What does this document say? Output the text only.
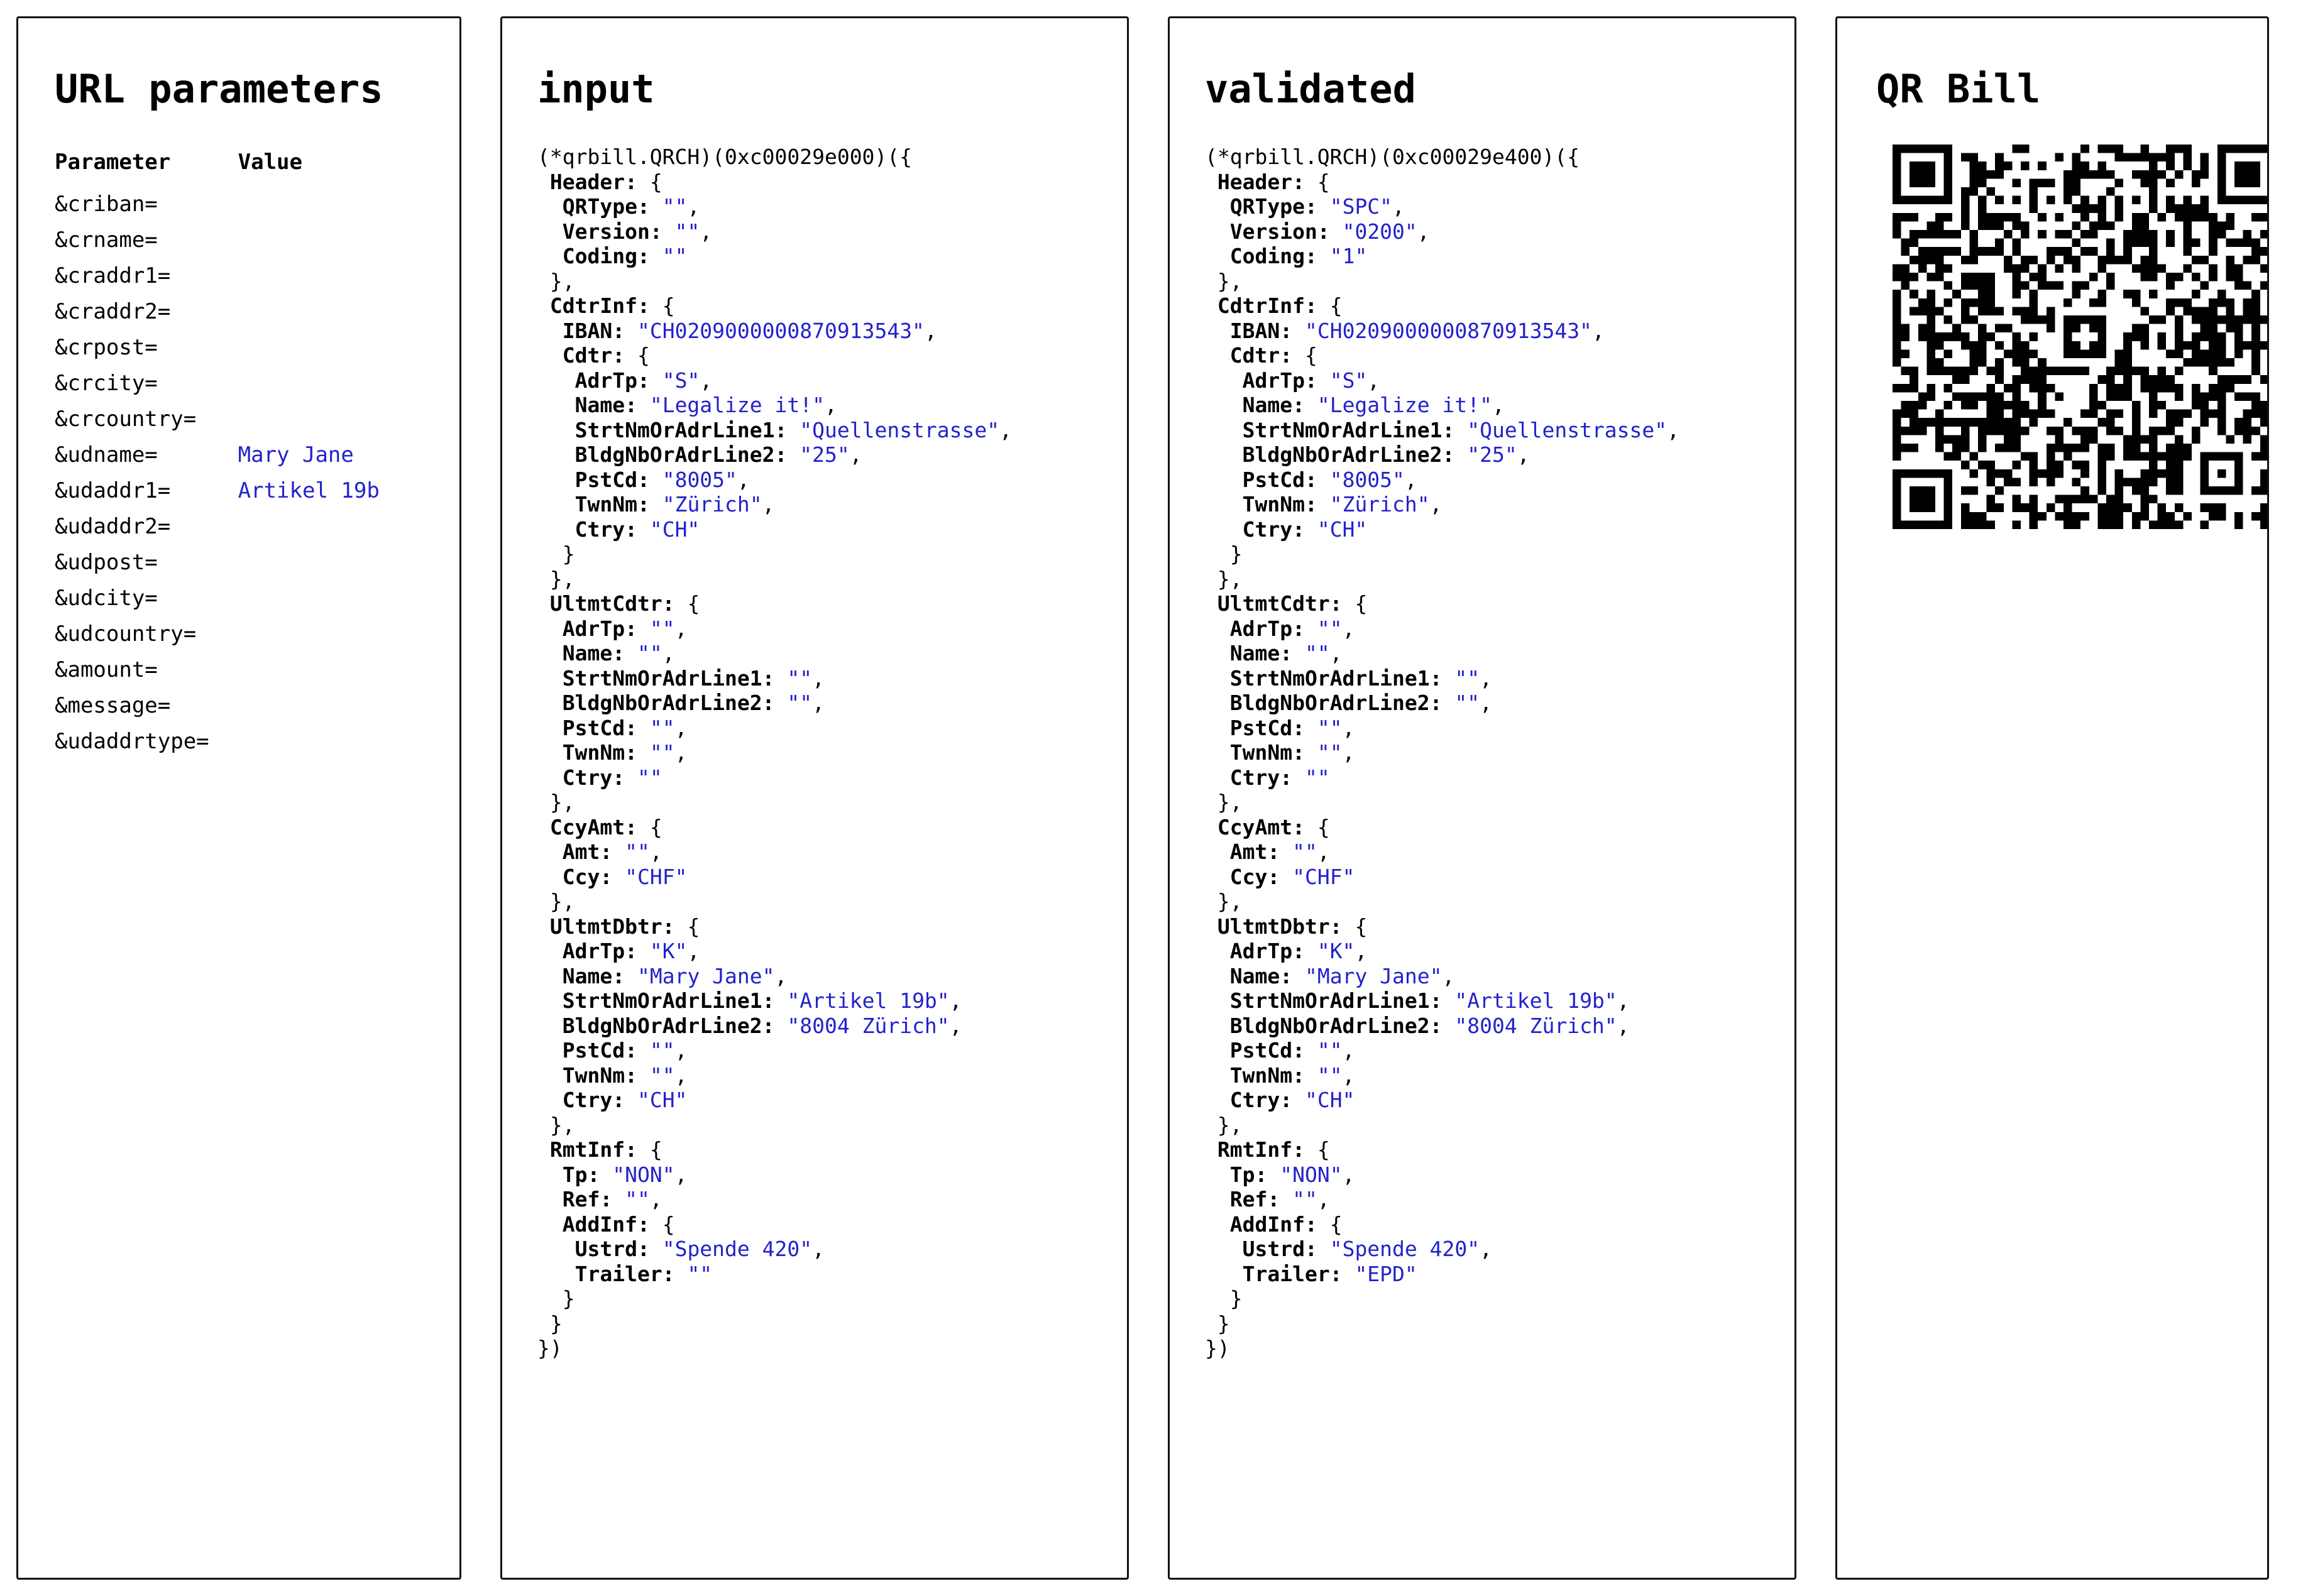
URL parameters
Parameter	Value
&criban=	
&crname=	
&craddr1=	
&craddr2=	
&crpost=	
&crcity=	
&crcountry=	
&udname=	Mary Jane
&udaddr1=	Artikel 19b
&udaddr2=	
&udpost=	
&udcity=	
&udcountry=	
&amount=	
&message=	
&udaddrtype=	
input
(*qrbill.QRCH)(0xc00029e000)({
Header: {
QRType: "",
Version: "",
Coding: ""
},
CdtrInf: {
IBAN: "CH0209000000870913543",
Cdtr: {
AdrTp: "S",
Name: "Legalize it!",
StrtNmOrAdrLine1: "Quellenstrasse",
BldgNbOrAdrLine2: "25",
PstCd: "8005",
TwnNm: "Zürich",
Ctry: "CH"
}
},
UltmtCdtr: {
AdrTp: "",
Name: "",
StrtNmOrAdrLine1: "",
BldgNbOrAdrLine2: "",
PstCd: "",
TwnNm: "",
Ctry: ""
},
CcyAmt: {
Amt: "",
Ccy: "CHF"
},
UltmtDbtr: {
AdrTp: "K",
Name: "Mary Jane",
StrtNmOrAdrLine1: "Artikel 19b",
BldgNbOrAdrLine2: "8004 Zürich",
PstCd: "",
TwnNm: "",
Ctry: "CH"
},
RmtInf: {
Tp: "NON",
Ref: "",
AddInf: {
Ustrd: "Spende 420",
Trailer: ""
}
}
})
validated
(*qrbill.QRCH)(0xc00029e400)({
Header: {
QRType: "SPC",
Version: "0200",
Coding: "1"
},
CdtrInf: {
IBAN: "CH0209000000870913543",
Cdtr: {
AdrTp: "S",
Name: "Legalize it!",
StrtNmOrAdrLine1: "Quellenstrasse",
BldgNbOrAdrLine2: "25",
PstCd: "8005",
TwnNm: "Zürich",
Ctry: "CH"
}
},
UltmtCdtr: {
AdrTp: "",
Name: "",
StrtNmOrAdrLine1: "",
BldgNbOrAdrLine2: "",
PstCd: "",
TwnNm: "",
Ctry: ""
},
CcyAmt: {
Amt: "",
Ccy: "CHF"
},
UltmtDbtr: {
AdrTp: "K",
Name: "Mary Jane",
StrtNmOrAdrLine1: "Artikel 19b",
BldgNbOrAdrLine2: "8004 Zürich",
PstCd: "",
TwnNm: "",
Ctry: "CH"
},
RmtInf: {
Tp: "NON",
Ref: "",
AddInf: {
Ustrd: "Spende 420",
Trailer: "EPD"
}
}
})
QR Bill
